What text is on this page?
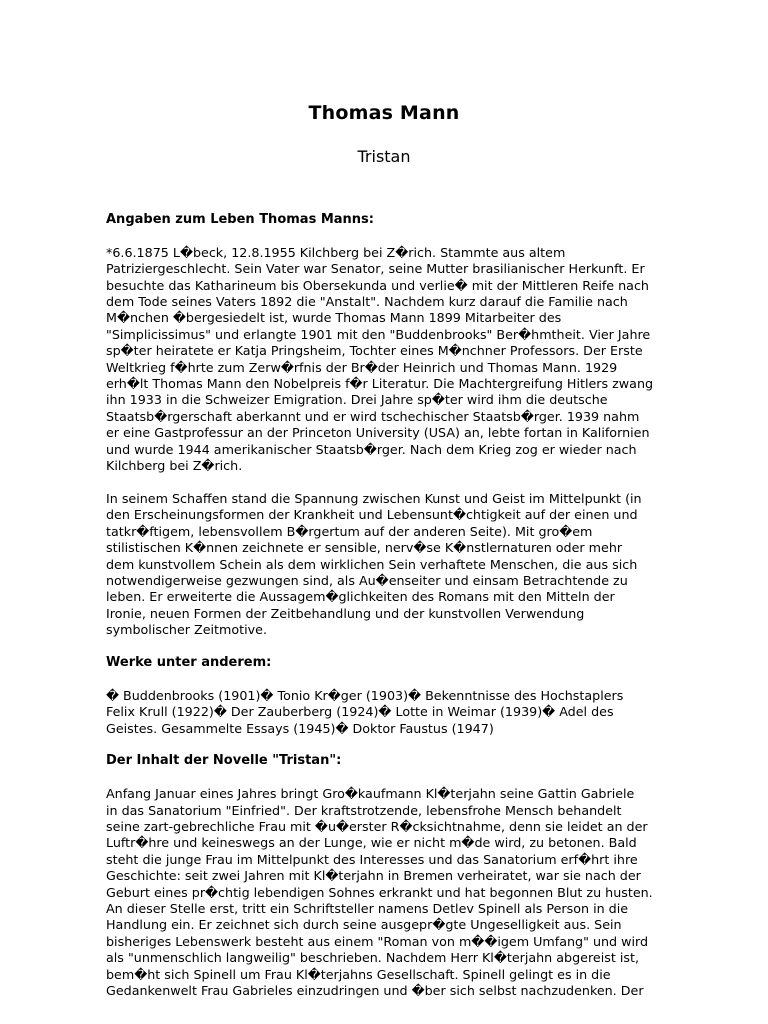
Thomas Mann
Tristan
Angaben zum Leben Thomas Manns:
*6.6.1875 L�beck, 12.8.1955 Kilchberg bei Z�rich. Stammte aus altem
Patriziergeschlecht. Sein Vater war Senator, seine Mutter brasilianischer Herkunft. Er
besuchte das Katharineum bis Obersekunda und verlie� mit der Mittleren Reife nach
dem Tode seines Vaters 1892 die "Anstalt". Nachdem kurz darauf die Familie nach
M�nchen �bergesiedelt ist, wurde Thomas Mann 1899 Mitarbeiter des
"Simplicissimus" und erlangte 1901 mit den "Buddenbrooks" Ber�hmtheit. Vier Jahre
sp�ter heiratete er Katja Pringsheim, Tochter eines M�nchner Professors. Der Erste
Weltkrieg f�hrte zum Zerw�rfnis der Br�der Heinrich und Thomas Mann. 1929
erh�lt Thomas Mann den Nobelpreis f�r Literatur. Die Machtergreifung Hitlers zwang
ihn 1933 in die Schweizer Emigration. Drei Jahre sp�ter wird ihm die deutsche
Staatsb�rgerschaft aberkannt und er wird tschechischer Staatsb�rger. 1939 nahm
er eine Gastprofessur an der Princeton University (USA) an, lebte fortan in Kalifornien
und wurde 1944 amerikanischer Staatsb�rger. Nach dem Krieg zog er wieder nach
Kilchberg bei Z�rich.
In seinem Schaffen stand die Spannung zwischen Kunst und Geist im Mittelpunkt (in
den Erscheinungsformen der Krankheit und Lebensunt�chtigkeit auf der einen und
tatkr�ftigem, lebensvollem B�rgertum auf der anderen Seite). Mit gro�em
stilistischen K�nnen zeichnete er sensible, nerv�se K�nstlernaturen oder mehr
dem kunstvollem Schein als dem wirklichen Sein verhaftete Menschen, die aus sich
notwendigerweise gezwungen sind, als Au�enseiter und einsam Betrachtende zu
leben. Er erweiterte die Aussagem�glichkeiten des Romans mit den Mitteln der
Ironie, neuen Formen der Zeitbehandlung und der kunstvollen Verwendung
symbolischer Zeitmotive.
Werke unter anderem:
� Buddenbrooks (1901)� Tonio Kr�ger (1903)� Bekenntnisse des Hochstaplers
Felix Krull (1922)� Der Zauberberg (1924)� Lotte in Weimar (1939)� Adel des
Geistes. Gesammelte Essays (1945)� Doktor Faustus (1947)
Der Inhalt der Novelle "Tristan":
Anfang Januar eines Jahres bringt Gro�kaufmann Kl�terjahn seine Gattin Gabriele
in das Sanatorium "Einfried". Der kraftstrotzende, lebensfrohe Mensch behandelt
seine zart-gebrechliche Frau mit �u�erster R�cksichtnahme, denn sie leidet an der
Luftr�hre und keineswegs an der Lunge, wie er nicht m�de wird, zu betonen. Bald
steht die junge Frau im Mittelpunkt des Interesses und das Sanatorium erf�hrt ihre
Geschichte: seit zwei Jahren mit Kl�terjahn in Bremen verheiratet, war sie nach der
Geburt eines pr�chtig lebendigen Sohnes erkrankt und hat begonnen Blut zu husten.
An dieser Stelle erst, tritt ein Schriftsteller namens Detlev Spinell als Person in die
Handlung ein. Er zeichnet sich durch seine ausgepr�gte Ungeselligkeit aus. Sein
bisheriges Lebenswerk besteht aus einem "Roman von m��igem Umfang" und wird
als "unmenschlich langweilig" beschrieben. Nachdem Herr Kl�terjahn abgereist ist,
bem�ht sich Spinell um Frau Kl�terjahns Gesellschaft. Spinell gelingt es in die
Gedankenwelt Frau Gabrieles einzudringen und �ber sich selbst nachzudenken. Der
